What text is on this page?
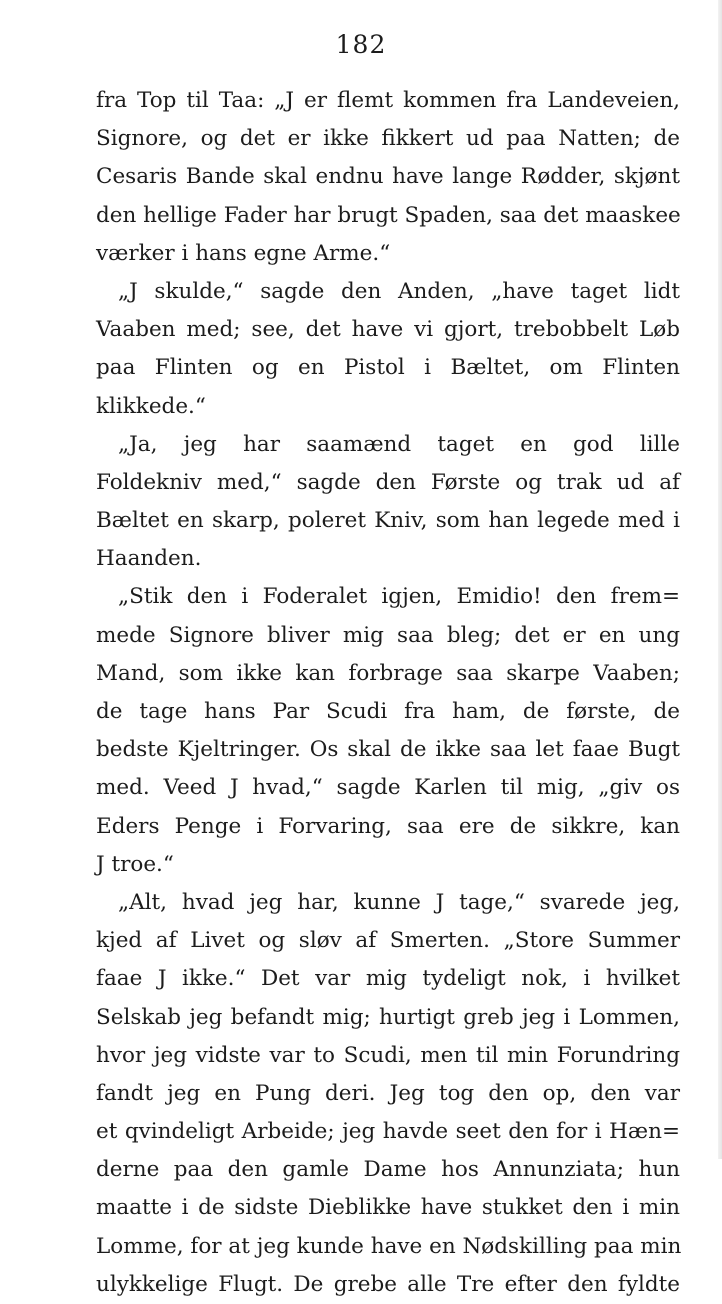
182
fra Top til Taa: „J er flemt kommen fra Landeveien,
Signore, og det er ikke fikkert ud paa Natten; de
Cesaris Bande skal endnu have lange Rødder, skjønt
den hellige Fader har brugt Spaden, saa det maaskee
værker i hans egne Arme.“
„J skulde,“ sagde den Anden, „have taget lidt
Vaaben med; see, det have vi gjort, trebobbelt Løb
paa Flinten og en Pistol i Bæltet, om Flinten
klikkede.“
„Ja, jeg har saamænd taget en god lille
Foldekniv med,“ sagde den Første og trak ud af
Bæltet en skarp, poleret Kniv, som han legede med i
Haanden.
„Stik den i Foderalet igjen, Emidio! den frem=
mede Signore bliver mig saa bleg; det er en ung
Mand, som ikke kan forbrage saa skarpe Vaaben;
de tage hans Par Scudi fra ham, de første, de
bedste Kjeltringer. Os skal de ikke saa let faae Bugt
med. Veed J hvad,“ sagde Karlen til mig, „giv os
Eders Penge i Forvaring, saa ere de sikkre, kan
J troe.“
„Alt, hvad jeg har, kunne J tage,“ svarede jeg,
kjed af Livet og sløv af Smerten. „Store Summer
faae J ikke.“ Det var mig tydeligt nok, i hvilket
Selskab jeg befandt mig; hurtigt greb jeg i Lommen,
hvor jeg vidste var to Scudi, men til min Forundring
fandt jeg en Pung deri. Jeg tog den op, den var
et qvindeligt Arbeide; jeg havde seet den for i Hæn=
derne paa den gamle Dame hos Annunziata; hun
maatte i de sidste Dieblikke have stukket den i min
Lomme, for at jeg kunde have en Nødskilling paa min
ulykkelige Flugt. De grebe alle Tre efter den fyldte
